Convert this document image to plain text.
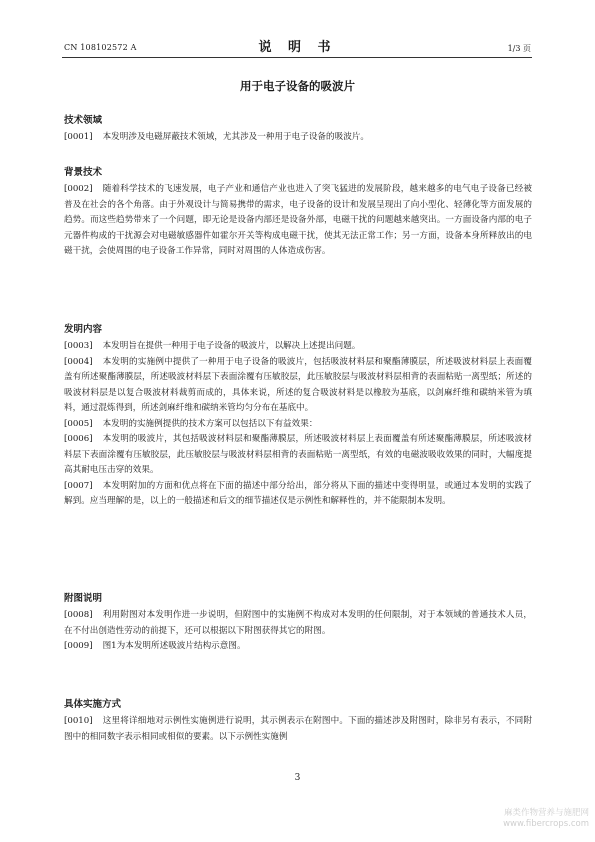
CN 108102572 A	说 明 书	1/3 页
用于电子设备的吸波片
技术领域

[0001] 本发明涉及电磁屏蔽技术领域，尤其涉及一种用于电子设备的吸波片。

背景技术

[0002] 随着科学技术的飞速发展，电子产业和通信产业也进入了突飞猛进的发展阶段，越来越多的电气电子设备已经被普及在社会的各个角落。由于外观设计与简易携带的需求，电子设备的设计和发展呈现出了向小型化、轻薄化等方面发展的趋势。而这些趋势带来了一个问题，即无论是设备内部还是设备外部，电磁干扰的问题越来越突出。一方面设备内部的电子元器件构成的干扰源会对电磁敏感器件如霍尔开关等构成电磁干扰，使其无法正常工作；另一方面，设备本身所释放出的电磁干扰，会使周围的电子设备工作异常，同时对周围的人体造成伤害。

发明内容

[0003] 本发明旨在提供一种用于电子设备的吸波片，以解决上述提出问题。

[0004] 本发明的实施例中提供了一种用于电子设备的吸波片，包括吸波材料层和聚酯薄膜层，所述吸波材料层上表面覆盖有所述聚酯薄膜层，所述吸波材料层下表面涂覆有压敏胶层，此压敏胶层与吸波材料层相背的表面粘贴一离型纸；所述的吸波材料层是以复合吸波材料裁剪而成的，具体来说，所述的复合吸波材料是以橡胶为基底，以剑麻纤维和碳纳米管为填料，通过混炼得到，所述剑麻纤维和碳纳米管均匀分布在基底中。

[0005] 本发明的实施例提供的技术方案可以包括以下有益效果：

[0006] 本发明的吸波片，其包括吸波材料层和聚酯薄膜层，所述吸波材料层上表面覆盖有所述聚酯薄膜层，所述吸波材料层下表面涂覆有压敏胶层，此压敏胶层与吸波材料层相背的表面粘贴一离型纸，有效的电磁波吸收效果的同时，大幅度提高其耐电压击穿的效果。

[0007] 本发明附加的方面和优点将在下面的描述中部分给出，部分将从下面的描述中变得明显，或通过本发明的实践了解到。应当理解的是，以上的一般描述和后文的细节描述仅是示例性和解释性的，并不能限制本发明。

附图说明

[0008] 利用附图对本发明作进一步说明，但附图中的实施例不构成对本发明的任何限制，对于本领域的普通技术人员，在不付出创造性劳动的前提下，还可以根据以下附图获得其它的附图。

[0009] 图1为本发明所述吸波片结构示意图。

具体实施方式

[0010] 这里将详细地对示例性实施例进行说明，其示例表示在附图中。下面的描述涉及附图时，除非另有表示，不同附图中的相同数字表示相同或相似的要素。以下示例性实施例

3
麻类作物营养与施肥网
www.fibercrops.com
